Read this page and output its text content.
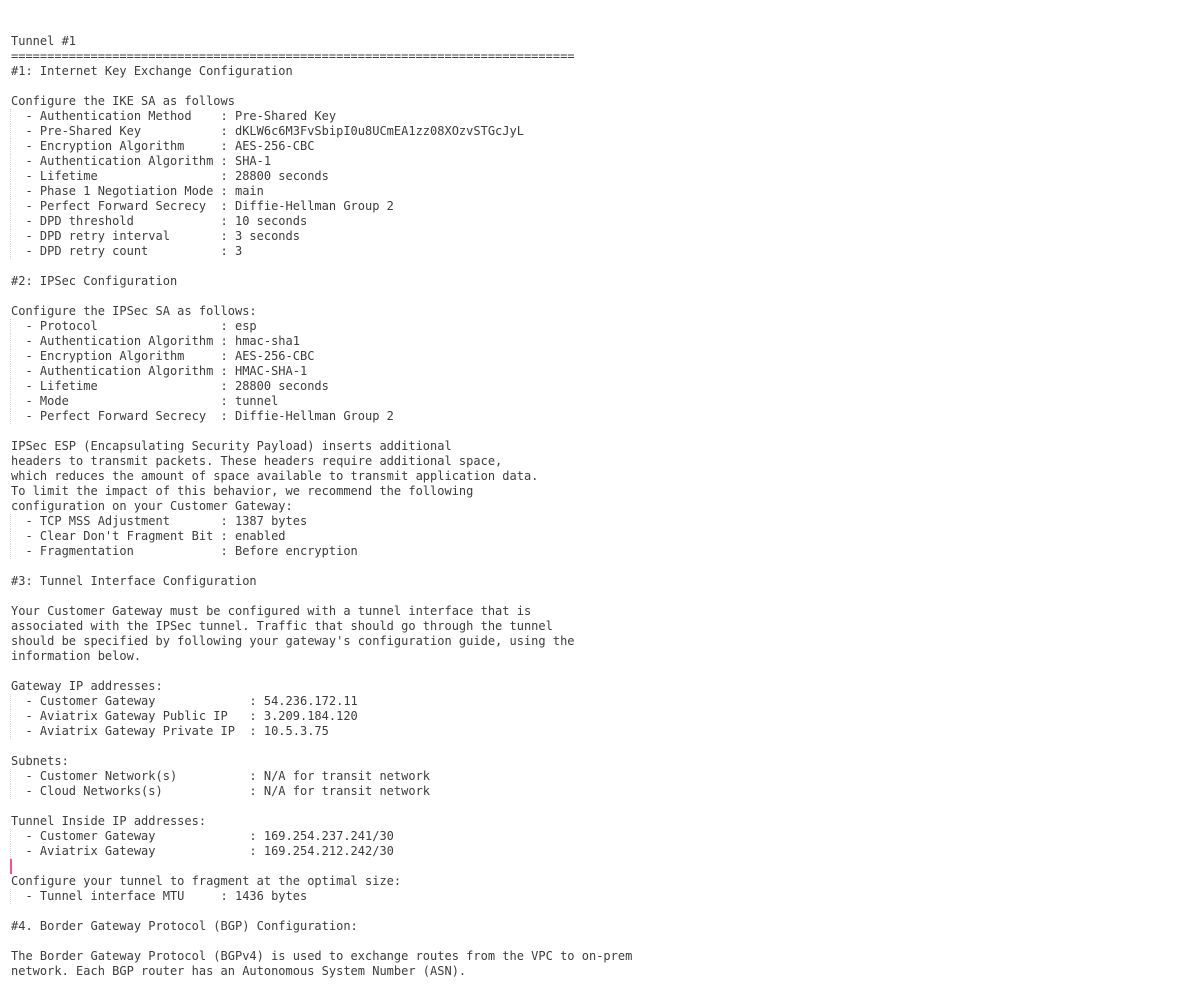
Tunnel #1
==============================================================================
#1: Internet Key Exchange Configuration
Configure the IKE SA as follows
- Authentication Method    : Pre-Shared Key
- Pre-Shared Key           : dKLW6c6M3FvSbipI0u8UCmEA1zz08XOzvSTGcJyL
- Encryption Algorithm     : AES-256-CBC
- Authentication Algorithm : SHA-1
- Lifetime                 : 28800 seconds
- Phase 1 Negotiation Mode : main
- Perfect Forward Secrecy  : Diffie-Hellman Group 2
- DPD threshold            : 10 seconds
- DPD retry interval       : 3 seconds
- DPD retry count          : 3
#2: IPSec Configuration
Configure the IPSec SA as follows:
- Protocol                 : esp
- Authentication Algorithm : hmac-sha1
- Encryption Algorithm     : AES-256-CBC
- Authentication Algorithm : HMAC-SHA-1
- Lifetime                 : 28800 seconds
- Mode                     : tunnel
- Perfect Forward Secrecy  : Diffie-Hellman Group 2
IPSec ESP (Encapsulating Security Payload) inserts additional
headers to transmit packets. These headers require additional space,
which reduces the amount of space available to transmit application data.
To limit the impact of this behavior, we recommend the following
configuration on your Customer Gateway:
- TCP MSS Adjustment       : 1387 bytes
- Clear Don't Fragment Bit : enabled
- Fragmentation            : Before encryption
#3: Tunnel Interface Configuration
Your Customer Gateway must be configured with a tunnel interface that is
associated with the IPSec tunnel. Traffic that should go through the tunnel
should be specified by following your gateway's configuration guide, using the
information below.
Gateway IP addresses:
- Customer Gateway             : 54.236.172.11
- Aviatrix Gateway Public IP   : 3.209.184.120
- Aviatrix Gateway Private IP  : 10.5.3.75
Subnets:
- Customer Network(s)          : N/A for transit network
- Cloud Networks(s)            : N/A for transit network
Tunnel Inside IP addresses:
- Customer Gateway             : 169.254.237.241/30
- Aviatrix Gateway             : 169.254.212.242/30
Configure your tunnel to fragment at the optimal size:
- Tunnel interface MTU     : 1436 bytes
#4. Border Gateway Protocol (BGP) Configuration:
The Border Gateway Protocol (BGPv4) is used to exchange routes from the VPC to on-prem
network. Each BGP router has an Autonomous System Number (ASN).
